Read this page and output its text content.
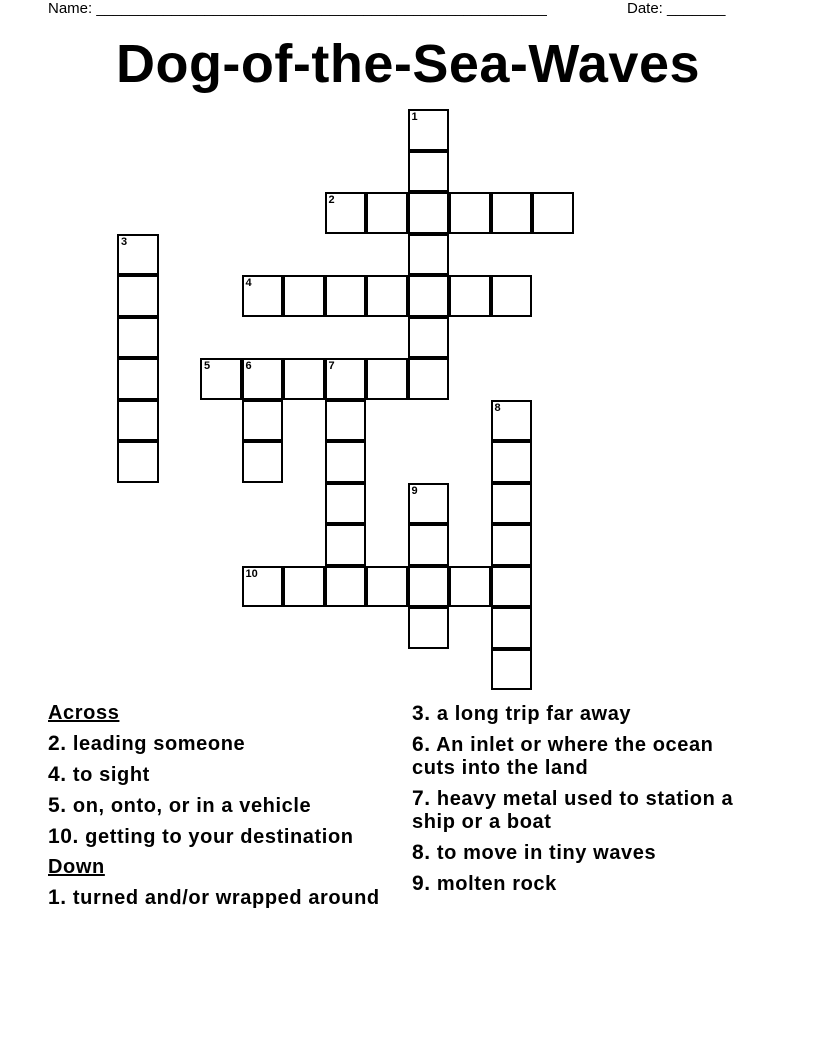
Name: ______________________________________________________	Date: _______
Dog-of-the-Sea-Waves
1
2
3
4
5	6	7
8
9
10
Across
2. leading someone
4. to sight
5. on, onto, or in a vehicle
10. getting to your destination
Down
1. turned and/or wrapped around
3. a long trip far away
6. An inlet or where the ocean cuts into the land
7. heavy metal used to station a ship or a boat
8. to move in tiny waves
9. molten rock
